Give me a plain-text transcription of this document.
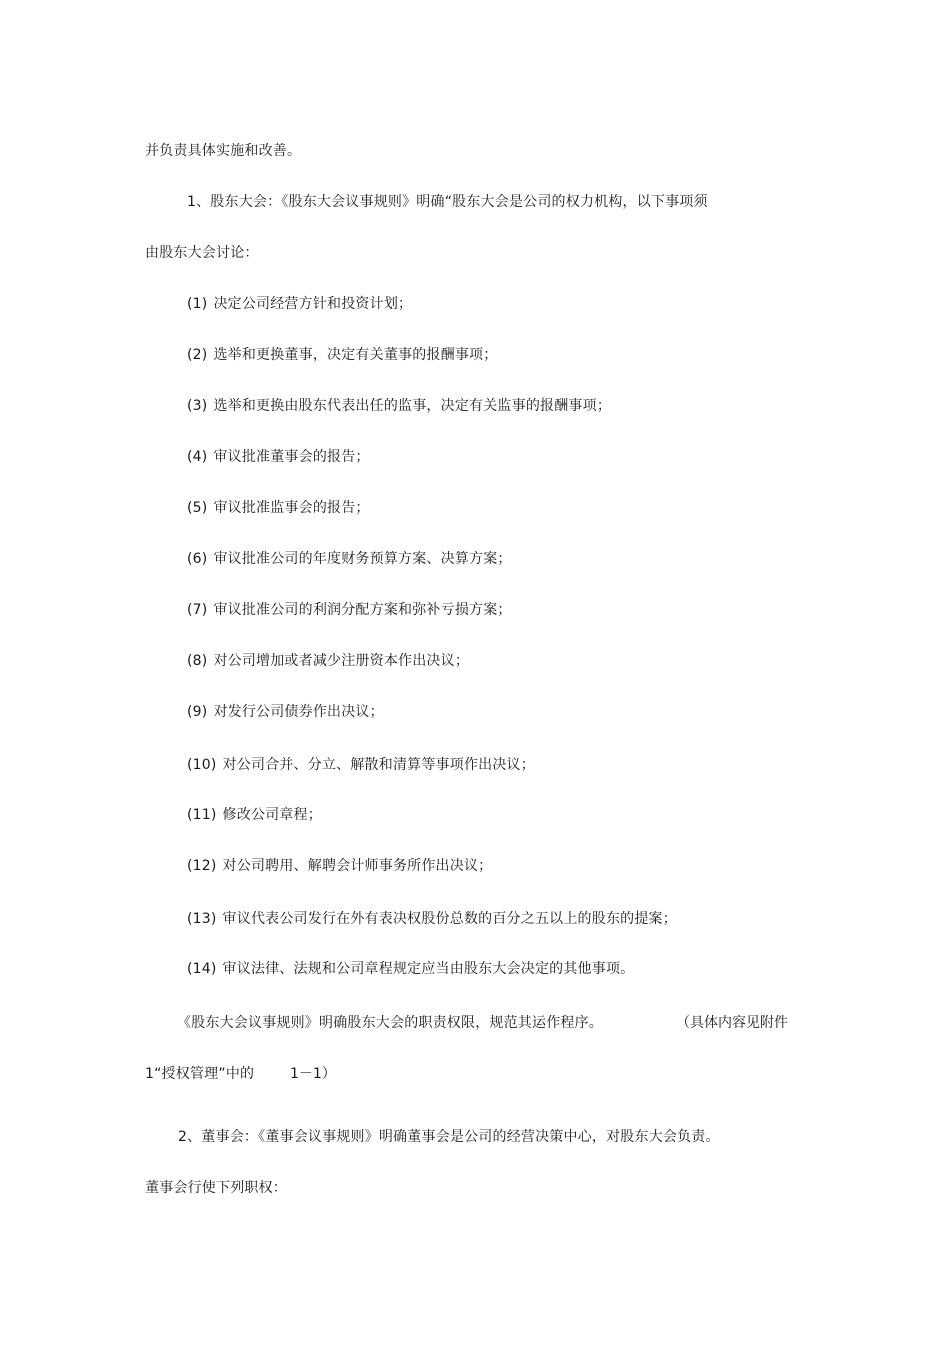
并负责具体实施和改善。
1、股东大会：《股东大会议事规则》明确“股东大会是公司的权力机构，以下事项须
由股东大会讨论：
(1) 决定公司经营方针和投资计划；
(2) 选举和更换董事，决定有关董事的报酬事项；
(3) 选举和更换由股东代表出任的监事，决定有关监事的报酬事项；
(4) 审议批准董事会的报告；
(5) 审议批准监事会的报告；
(6) 审议批准公司的年度财务预算方案、决算方案；
(7) 审议批准公司的利润分配方案和弥补亏损方案；
(8) 对公司增加或者减少注册资本作出决议；
(9) 对发行公司债券作出决议；
(10) 对公司合并、分立、解散和清算等事项作出决议；
(11) 修改公司章程；
(12) 对公司聘用、解聘会计师事务所作出决议；
(13) 审议代表公司发行在外有表决权股份总数的百分之五以上的股东的提案；
(14) 审议法律、法规和公司章程规定应当由股东大会决定的其他事项。
《股东大会议事规则》明确股东大会的职责权限，规范其运作程序。	（具体内容见附件
1“授权管理”中的	1－1）
2、董事会：《董事会议事规则》明确董事会是公司的经营决策中心，对股东大会负责。
董事会行使下列职权：
